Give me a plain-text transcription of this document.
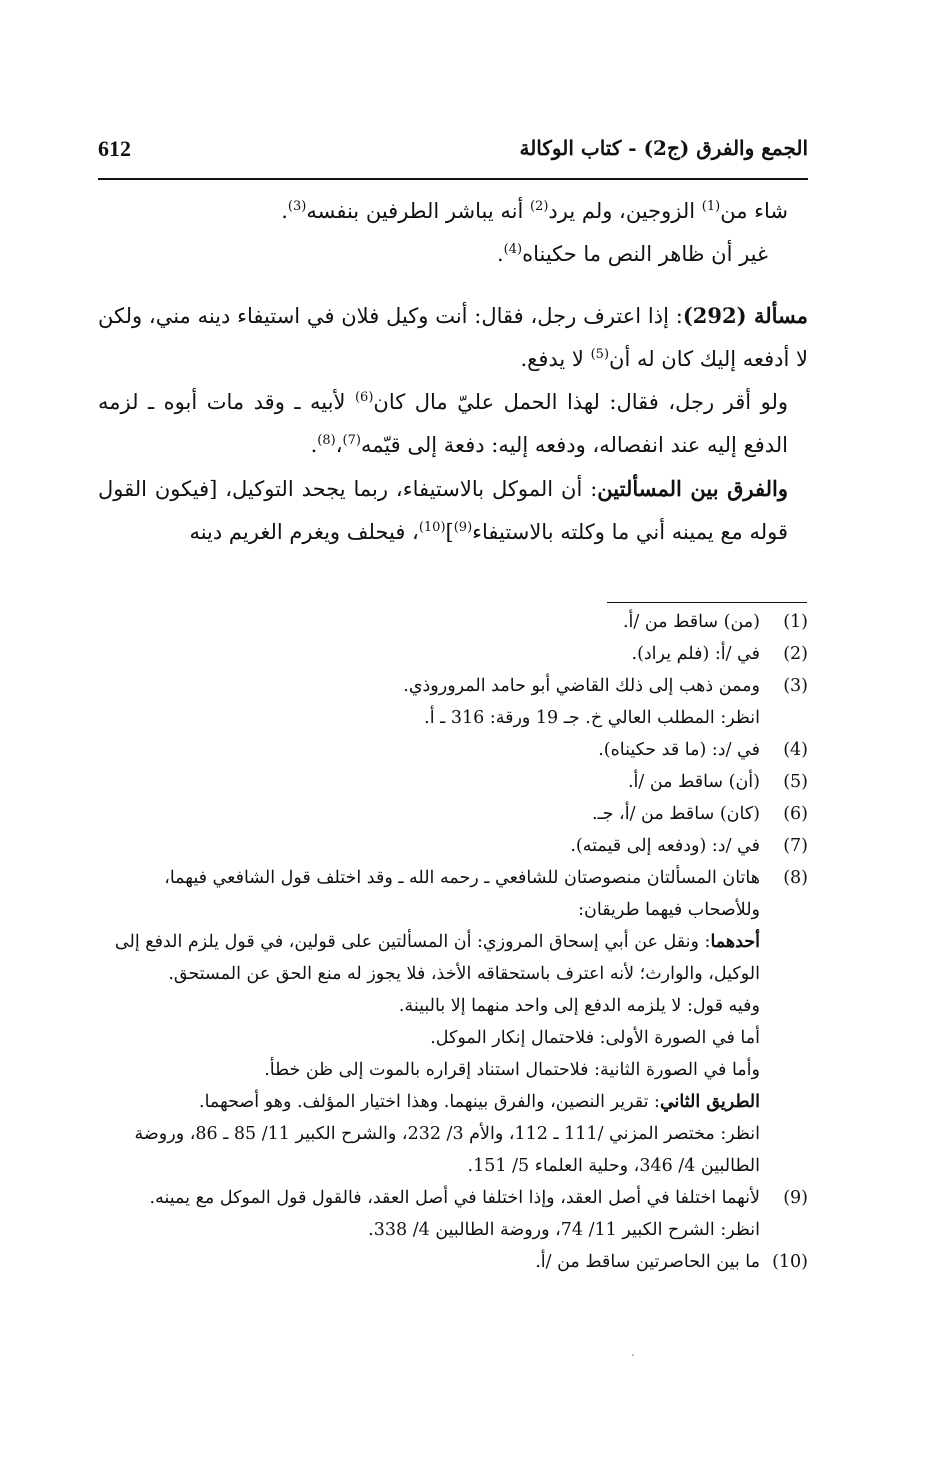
612	الجمع والفرق (ج2) - كتاب الوكالة

شاء من$^{(1)}$ الزوجين، ولم يرد$^{(2)}$ أنه يباشر الطرفين بنفسه$^{(3)}$.

غير أن ظاهر النص ما حكيناه$^{(4)}$.

مسألة (292): إذا اعترف رجل، فقال: أنت وكيل فلان في استيفاء دينه مني، ولكن لا أدفعه إليك كان له أن$^{(5)}$ لا يدفع.

ولو أقر رجل، فقال: لهذا الحمل عليّ مال كان$^{(6)}$ لأبيه ـ وقد مات أبوه ـ لزمه الدفع إليه عند انفصاله، ودفعه إليه: دفعة إلى قيّمه$^{(7)}$،$^{(8)}$.

والفرق بين المسألتين: أن الموكل بالاستيفاء، ربما يجحد التوكيل، [فيكون القول قوله مع يمينه أني ما وكلته بالاستيفاء$^{(9)}$]$^{(10)}$، فيحلف ويغرم الغريم دينه

(1)
(من) ساقط من /أ.
(2)
في /أ: (فلم يراد).
(3)
وممن ذهب إلى ذلك القاضي أبو حامد المروروذي.
انظر: المطلب العالي خ. جـ 19 ورقة: 316 ـ أ.
(4)
في /د: (ما قد حكيناه).
(5)
(أن) ساقط من /أ.
(6)
(كان) ساقط من /أ، جـ.
(7)
في /د: (ودفعه إلى قيمته).
(8)
هاتان المسألتان منصوصتان للشافعي ـ رحمه الله ـ وقد اختلف قول الشافعي فيهما، وللأصحاب فيهما طريقان:
أحدهما: ونقل عن أبي إسحاق المروزي: أن المسألتين على قولين، في قول يلزم الدفع إلى الوكيل، والوارث؛ لأنه اعترف باستحقاقه الأخذ، فلا يجوز له منع الحق عن المستحق.
وفيه قول: لا يلزمه الدفع إلى واحد منهما إلا بالبينة.
أما في الصورة الأولى: فلاحتمال إنكار الموكل.
وأما في الصورة الثانية: فلاحتمال استناد إقراره بالموت إلى ظن خطأ.
الطريق الثاني: تقرير النصين، والفرق بينهما. وهذا اختيار المؤلف. وهو أصحهما.
انظر: مختصر المزني /111 ـ 112، والأم 3/ 232، والشرح الكبير 11/ 85 ـ 86، وروضة الطالبين 4/ 346، وحلية العلماء 5/ 151.
(9)
لأنهما اختلفا في أصل العقد، وإذا اختلفا في أصل العقد، فالقول قول الموكل مع يمينه.
انظر: الشرح الكبير 11/ 74، وروضة الطالبين 4/ 338.
(10)
ما بين الحاصرتين ساقط من /أ.
